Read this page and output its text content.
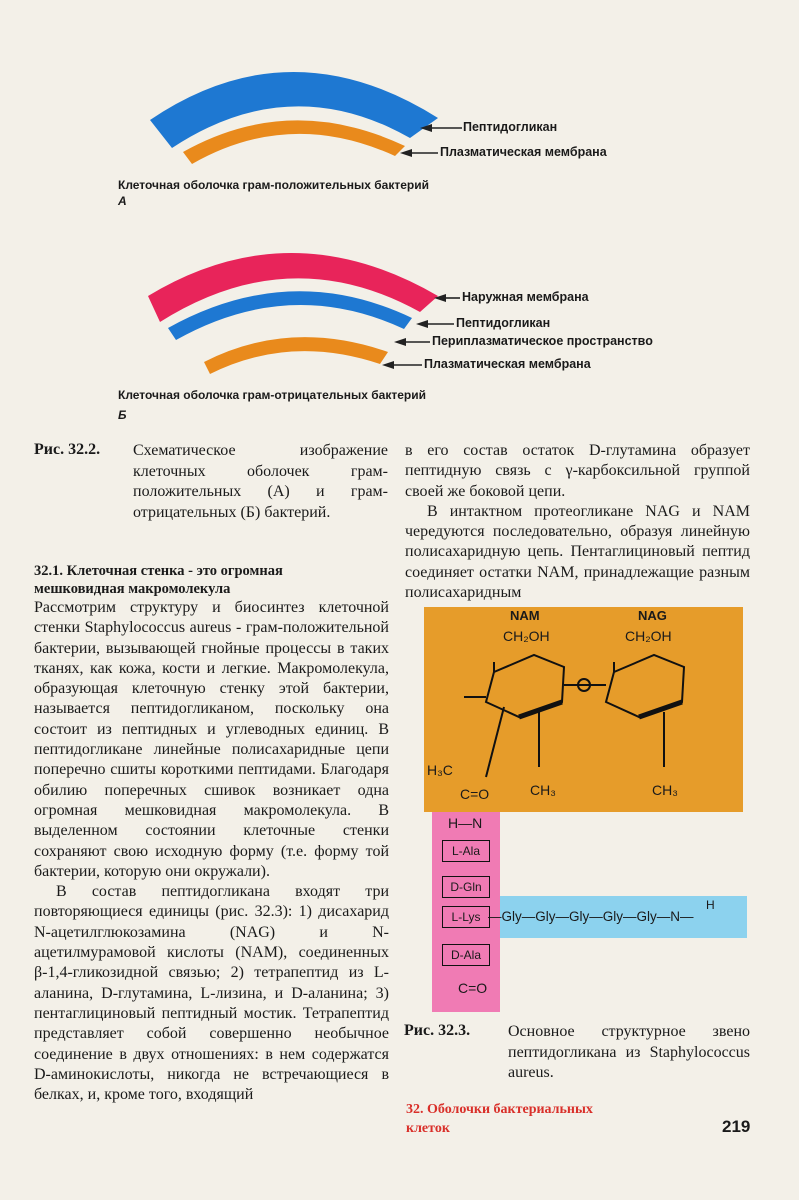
Пептидогликан
Плазматическая мембрана
Клеточная оболочка грам-положительных бактерий
А
Наружная мембрана
Пептидогликан
Периплазматическое пространство
Плазматическая мембрана
Клеточная оболочка грам-отрицательных бактерий
Б
Рис. 32.2. Схематическое изображение клеточных оболочек грам-положительных (А) и грам-отрицательных (Б) бактерий.
32.1. Клеточная стенка - это огромная
мешковидная макромолекула

Рассмотрим структуру и биосинтез клеточной стенки Staphylococcus aureus - грам-положительной бактерии, вызывающей гнойные процессы в таких тканях, как кожа, кости и легкие. Макромолекула, образующая клеточную стенку этой бактерии, называется пептидогликаном, поскольку она состоит из пептидных и углеводных единиц. В пептидогликане линейные полисахаридные цепи поперечно сшиты короткими пептидами. Благодаря обилию поперечных сшивок возникает одна огромная мешковидная макромолекула. В выделенном состоянии клеточные стенки сохраняют свою исходную форму (т.е. форму той бактерии, которую они окружали).

В состав пептидогликана входят три повторяющиеся единицы (рис. 32.3): 1) дисахарид N-ацетилглюкозамина (NAG) и N-ацетилмурамовой кислоты (NAM), соединенных β-1,4-гликозидной связью; 2) тетрапептид из L-аланина, D-глутамина, L-лизина, и D-аланина; 3) пентаглициновый пептидный мостик. Тетрапептид представляет собой совершенно необычное соединение в двух отношениях: в нем содержатся D-аминокислоты, никогда не встречающиеся в белках, и, кроме того, входящий

в его состав остаток D-глутамина образует пептидную связь с γ-карбоксильной группой своей же боковой цепи.

В интактном протеогликане NAG и NAM чередуются последовательно, образуя линейную полисахаридную цепь. Пентаглициновый пептид соединяет остатки NAM, принадлежащие разным полисахаридным

NAM	NAG
CH₂OH	CH₂OH
H₃C
CH₃	CH₃
H—N
L-Ala
D-Gln
L-Lys
D-Ala
C=O
C=O
—Gly—Gly—Gly—Gly—Gly—N—
H
Рис. 32.3. Основное структурное звено пептидогликана из Staphylococcus aureus.
32. Оболочки бактериальных
клеток	219
